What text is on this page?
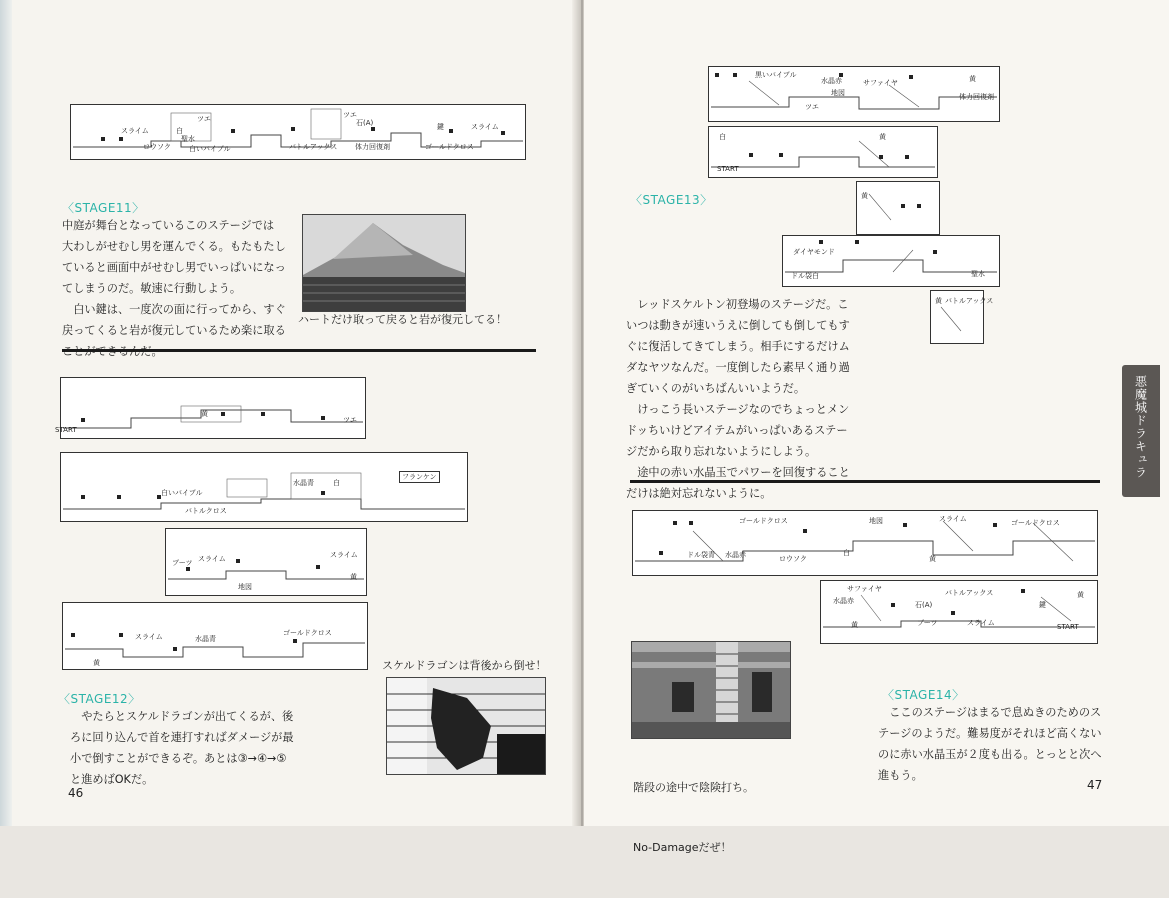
スライム
ロウソク
ツエ
白
聖水
白いバイブル
ツエ
バトルアックス
石(A)
体力回復剤
鍵	スライム
ゴールドクロス
〈STAGE11〉

中庭が舞台となっているこのステージでは

大わしがせむし男を運んでくる。もたもたし

ていると画面中がせむし男でいっぱいになっ

てしまうのだ。敏速に行動しよう。

　白い鍵は、一度次の面に行ってから、すぐ

戻ってくると岩が復元しているため楽に取る

ハートだけ取って戻ると岩が復元してる！
START
黄
ツエ
白いバイブル
バトルクロス
水晶青	白
フランケン
ブーツ スライム
地図
スライム
黄
スライム	水晶青
ゴールドクロス
黄	スケルドラゴンは背後から倒せ！
〈STAGE12〉

　やたらとスケルドラゴンが出てくるが、後

ろに回り込んで首を連打すればダメージが最

小で倒すことができるぞ。あとは③→④→⑤

と進めばOKだ。

46
黒いバイブル
水晶赤	サファイヤ	黄
体力回復剤
地図
ツエ
白	黄
START
黄
ダイヤモンド
ドル袋白	聖水
黄 バトルアックス
〈STAGE13〉

　レッドスケルトン初登場のステージだ。こ

いつは動きが速いうえに倒しても倒してもす

ぐに復活してきてしまう。相手にするだけム

ダなヤツなんだ。一度倒したら素早く通り過

ぎていくのがいちばんいいようだ。

　けっこう長いステージなのでちょっとメン

ドッちいけどアイテムがいっぱいあるステー

ジだから取り忘れないようにしよう。

　途中の赤い水晶玉でパワーを回復すること

だけは絶対忘れないように。

ゴールドクロス
ドル袋青 水晶赤	ロウソク
白
地図	スライム	ゴールドクロス
黄
サファイヤ
水晶赤
黄
石(A)
ブーツ
バトルアックス
スライム
鍵
黄
START

階段の途中で陰険打ち。

No-Damageだぜ！

〈STAGE14〉

　ここのステージはまるで息ぬきのためのス

テージのようだ。難易度がそれほど高くない

のに赤い水晶玉が２度も出る。とっとと次へ

進もう。

47
悪魔城ドラキュラ
